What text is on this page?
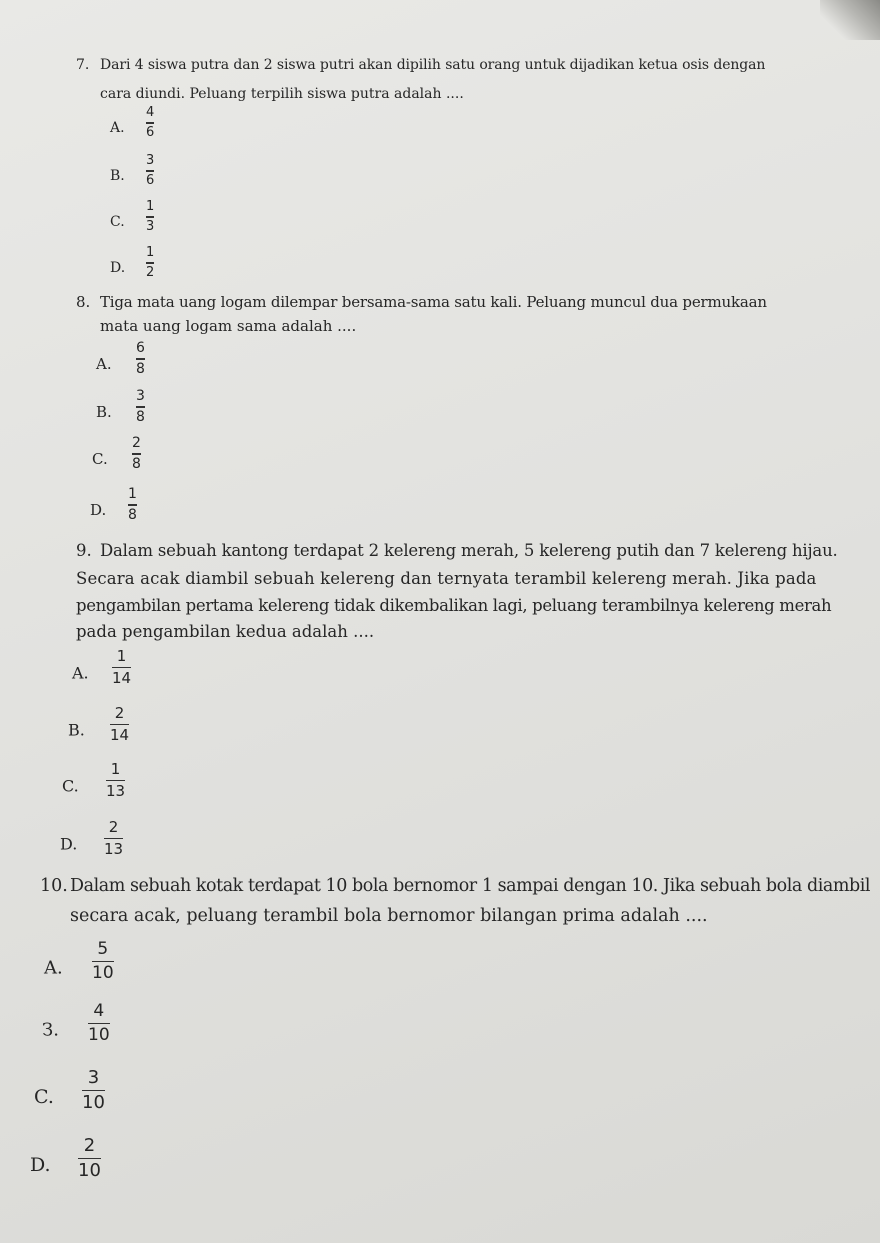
7. Dari 4 siswa putra dan 2 siswa putri akan dipilih satu orang untuk dijadikan ketua osis dengan
cara diundi. Peluang terpilih siswa putra adalah ....
A.
4
6
B.
3
6
C.
1
3
D.
1
2
8. Tiga mata uang logam dilempar bersama-sama satu kali. Peluang muncul dua permukaan
mata uang logam sama adalah ....
A.
6
8
B.
3
8
C.
2
8
D.
1
8
9. Dalam sebuah kantong terdapat 2 kelereng merah, 5 kelereng putih dan 7 kelereng hijau.
Secara acak diambil sebuah kelereng dan ternyata terambil kelereng merah. Jika pada
pengambilan pertama kelereng tidak dikembalikan lagi, peluang terambilnya kelereng merah
pada pengambilan kedua adalah ....
A.
1
14
B.
2
14
C.
1
13
D.
2
13
10. Dalam sebuah kotak terdapat 10 bola bernomor 1 sampai dengan 10. Jika sebuah bola diambil
secara acak, peluang terambil bola bernomor bilangan prima adalah ....
A.
5
10
З.
4
10
C.
3
10
D.
2
10
